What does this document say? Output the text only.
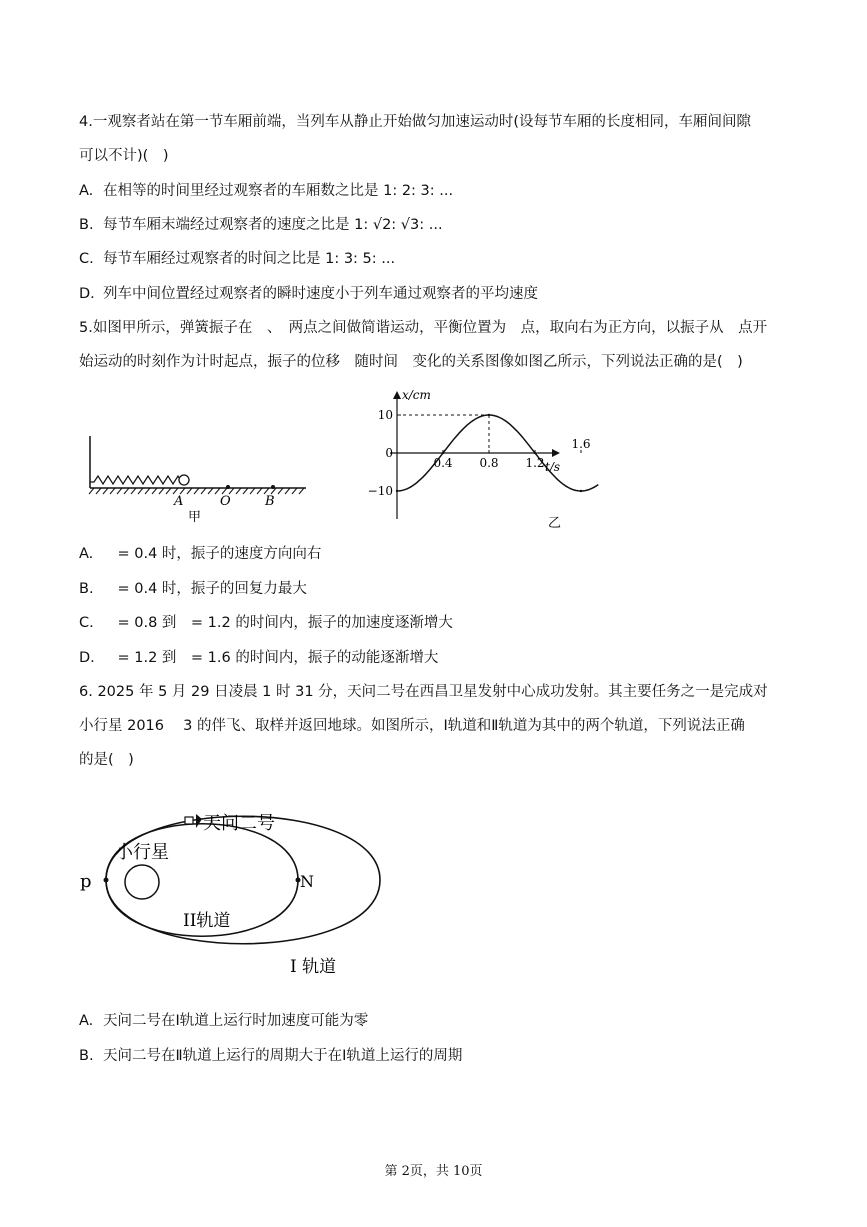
4.一观察者站在第一节车厢前端，当列车从静止开始做匀加速运动时(设每节车厢的长度相同，车厢间间隙
可以不计)(　)
A. 在相等的时间里经过观察者的车厢数之比是 1: 2: 3: ...
B. 每节车厢末端经过观察者的速度之比是 1: √2: √3: ...
C. 每节车厢经过观察者的时间之比是 1: 3: 5: ...
D. 列车中间位置经过观察者的瞬时速度小于列车通过观察者的平均速度
5.如图甲所示，弹簧振子在　、　两点之间做简谐运动，平衡位置为　点，取向右为正方向，以振子从　点开
始运动的时刻作为计时起点，振子的位移　随时间　变化的关系图像如图乙所示，下列说法正确的是(　)
A	O	B
甲
x/cm
t/s
10
0
−10
0.4 0.8 1.2
1.6
乙
A.　= 0.4 时，振子的速度方向向右
B.　= 0.4 时，振子的回复力最大
C.　= 0.8 到　= 1.2 的时间内，振子的加速度逐渐增大
D.　= 1.2 到　= 1.6 的时间内，振子的动能逐渐增大
6. 2025 年 5 月 29 日凌晨 1 时 31 分，天问二号在西昌卫星发射中心成功发射。其主要任务之一是完成对
小行星 2016　 3 的伴飞、取样并返回地球。如图所示，Ⅰ轨道和Ⅱ轨道为其中的两个轨道，下列说法正确
的是(　)
天问二号
小行星
p	N
II轨道
I 轨道
A. 天问二号在Ⅰ轨道上运行时加速度可能为零
B. 天问二号在Ⅱ轨道上运行的周期大于在Ⅰ轨道上运行的周期
第 2页，共 10页
